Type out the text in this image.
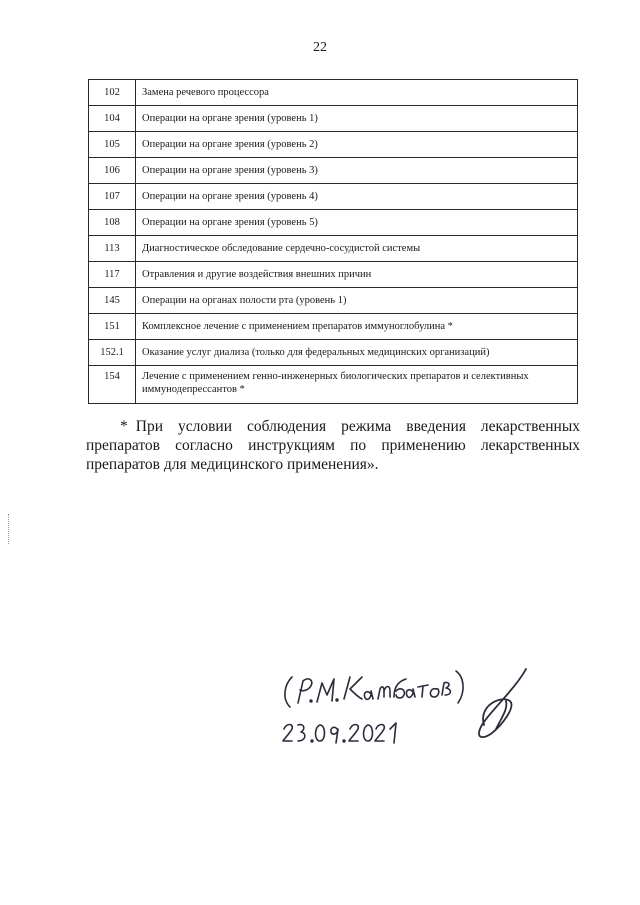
22
102	Замена речевого процессора
104	Операции на органе зрения (уровень 1)
105	Операции на органе зрения (уровень 2)
106	Операции на органе зрения (уровень 3)
107	Операции на органе зрения (уровень 4)
108	Операции на органе зрения (уровень 5)
113	Диагностическое обследование сердечно-сосудистой системы
117	Отравления и другие воздействия внешних причин
145	Операции на органах полости рта (уровень 1)
151	Комплексное лечение с применением препаратов иммуноглобулина *
152.1	Оказание услуг диализа (только для федеральных медицинских организаций)
154	Лечение с применением генно-инженерных биологических препаратов и селективных иммунодепрессантов *

* При условии соблюдения режима введения лекарственных препаратов согласно инструкциям по применению лекарственных препаратов для медицинского применения».
